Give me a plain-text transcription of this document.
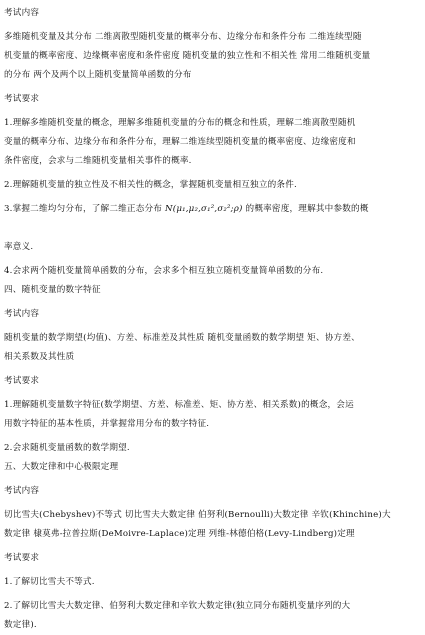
考试内容

多维随机变量及其分布 二维离散型随机变量的概率分布、边缘分布和条件分布 二维连续型随

机变量的概率密度、边缘概率密度和条件密度 随机变量的独立性和不相关性 常用二维随机变量

的分布 两个及两个以上随机变量简单函数的分布

考试要求

1.理解多维随机变量的概念，理解多维随机变量的分布的概念和性质，理解二维离散型随机

变量的概率分布、边缘分布和条件分布，理解二维连续型随机变量的概率密度、边缘密度和

条件密度，会求与二维随机变量相关事件的概率.

2.理解随机变量的独立性及不相关性的概念，掌握随机变量相互独立的条件.

3.掌握二维均匀分布，了解二维正态分布 N(μ₁,μ₂,σ₁²,σ₂²;ρ) 的概率密度，理解其中参数的概

率意义.

4.会求两个随机变量简单函数的分布，会求多个相互独立随机变量简单函数的分布.

四、随机变量的数字特征

考试内容

随机变量的数学期望(均值)、方差、标准差及其性质 随机变量函数的数学期望 矩、协方差、

相关系数及其性质

考试要求

1.理解随机变量数字特征(数学期望、方差、标准差、矩、协方差、相关系数)的概念，会运

用数字特征的基本性质，并掌握常用分布的数字特征.

2.会求随机变量函数的数学期望.

五、大数定律和中心极限定理

考试内容

切比雪夫(Chebyshev)不等式 切比雪夫大数定律 伯努利(Bernoulli)大数定律 辛钦(Khinchine)大

数定律 棣莫弗-拉普拉斯(DeMoivre-Laplace)定理 列维-林德伯格(Levy-Lindberg)定理

考试要求

1.了解切比雪夫不等式.

2.了解切比雪夫大数定律、伯努利大数定律和辛钦大数定律(独立同分布随机变量序列的大

数定律).
